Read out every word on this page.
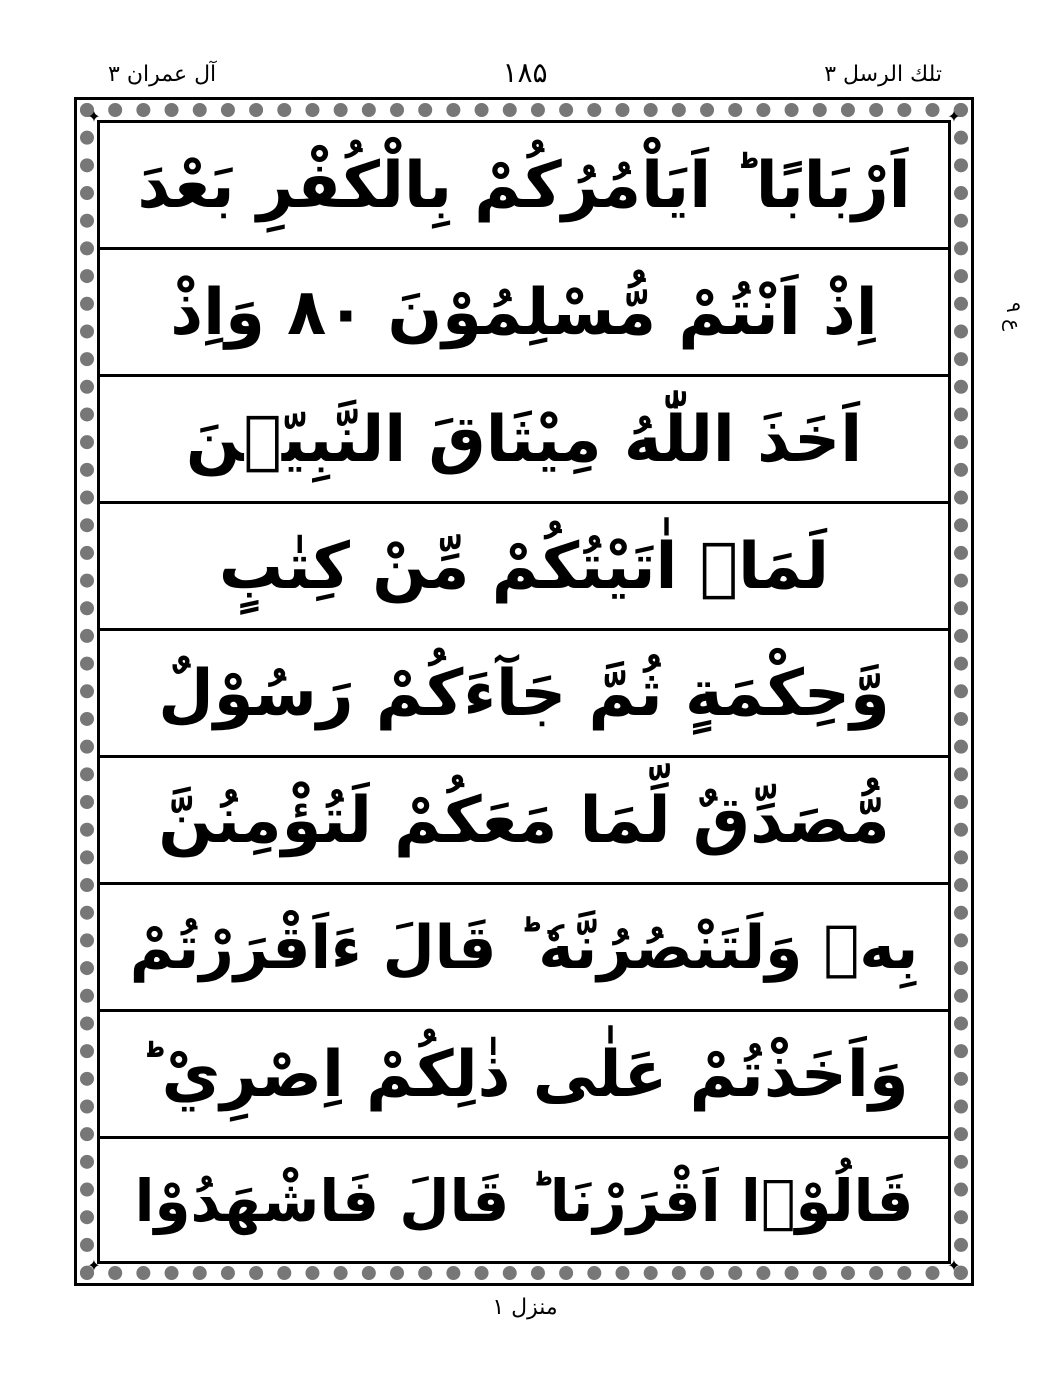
آل عمران ۳	۱۸۵	تلك الرسل ۳
✦	✦
✦	✦
اَرْبَابًا ؕ اَيَاْمُرُكُمْ بِالْكُفْرِ بَعْدَ
اِذْ اَنْتُمْ مُّسْلِمُوْنَ ۸۰ وَاِذْ
اَخَذَ اللّٰهُ مِيْثَاقَ النَّبِيّٖنَ
لَمَاۤ اٰتَيْتُكُمْ مِّنْ كِتٰبٍ
وَّحِكْمَةٍ ثُمَّ جَآءَكُمْ رَسُوْلٌ
مُّصَدِّقٌ لِّمَا مَعَكُمْ لَتُؤْمِنُنَّ
بِهٖ وَلَتَنْصُرُنَّهٗ ؕ قَالَ ءَاَقْرَرْتُمْ
وَاَخَذْتُمْ عَلٰى ذٰلِكُمْ اِصْرِيْ ؕ
قَالُوْۤا اَقْرَرْنَا ؕ قَالَ فَاشْهَدُوْا
ع ۹
منزل ۱
